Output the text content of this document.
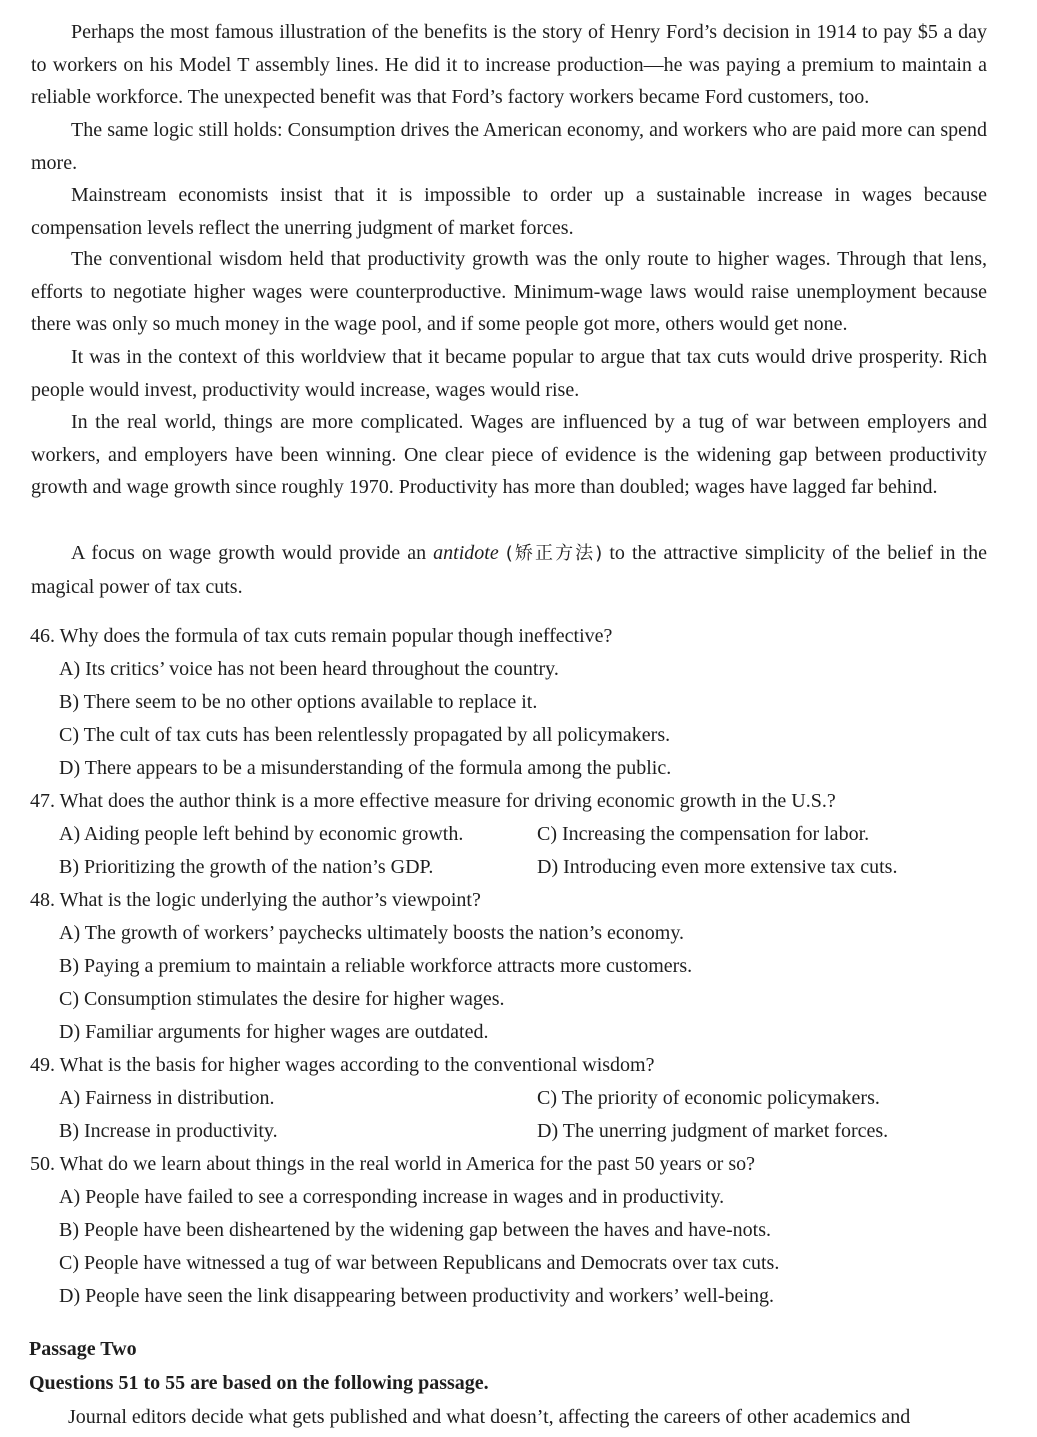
Perhaps the most famous illustration of the benefits is the story of Henry Ford’s decision in 1914 to pay $5 a day to workers on his Model T assembly lines. He did it to increase production—he was paying a premium to maintain a reliable workforce. The unexpected benefit was that Ford’s factory workers became Ford customers, too.

The same logic still holds: Consumption drives the American economy, and workers who are paid more can spend more.

Mainstream economists insist that it is impossible to order up a sustainable increase in wages because compensation levels reflect the unerring judgment of market forces.

The conventional wisdom held that productivity growth was the only route to higher wages. Through that lens, efforts to negotiate higher wages were counterproductive. Minimum-wage laws would raise unemployment because there was only so much money in the wage pool, and if some people got more, others would get none.

It was in the context of this worldview that it became popular to argue that tax cuts would drive prosperity. Rich people would invest, productivity would increase, wages would rise.

In the real world, things are more complicated. Wages are influenced by a tug of war between employers and workers, and employers have been winning. One clear piece of evidence is the widening gap between productivity growth and wage growth since roughly 1970. Productivity has more than doubled; wages have lagged far behind.

A focus on wage growth would provide an antidote (矫正方法) to the attractive simplicity of the belief in the magical power of tax cuts.

46. Why does the formula of tax cuts remain popular though ineffective?

A) Its critics’ voice has not been heard throughout the country.

B) There seem to be no other options available to replace it.

C) The cult of tax cuts has been relentlessly propagated by all policymakers.

D) There appears to be a misunderstanding of the formula among the public.

47. What does the author think is a more effective measure for driving economic growth in the U.S.?

A) Aiding people left behind by economic growth.	C) Increasing the compensation for labor.

B) Prioritizing the growth of the nation’s GDP.	D) Introducing even more extensive tax cuts.

48. What is the logic underlying the author’s viewpoint?

A) The growth of workers’ paychecks ultimately boosts the nation’s economy.

B) Paying a premium to maintain a reliable workforce attracts more customers.

C) Consumption stimulates the desire for higher wages.

D) Familiar arguments for higher wages are outdated.

49. What is the basis for higher wages according to the conventional wisdom?

A) Fairness in distribution.	C) The priority of economic policymakers.

B) Increase in productivity.	D) The unerring judgment of market forces.

50. What do we learn about things in the real world in America for the past 50 years or so?

A) People have failed to see a corresponding increase in wages and in productivity.

B) People have been disheartened by the widening gap between the haves and have-nots.

C) People have witnessed a tug of war between Republicans and Democrats over tax cuts.

D) People have seen the link disappearing between productivity and workers’ well-being.

Passage Two

Questions 51 to 55 are based on the following passage.

Journal editors decide what gets published and what doesn’t, affecting the careers of other academics and
